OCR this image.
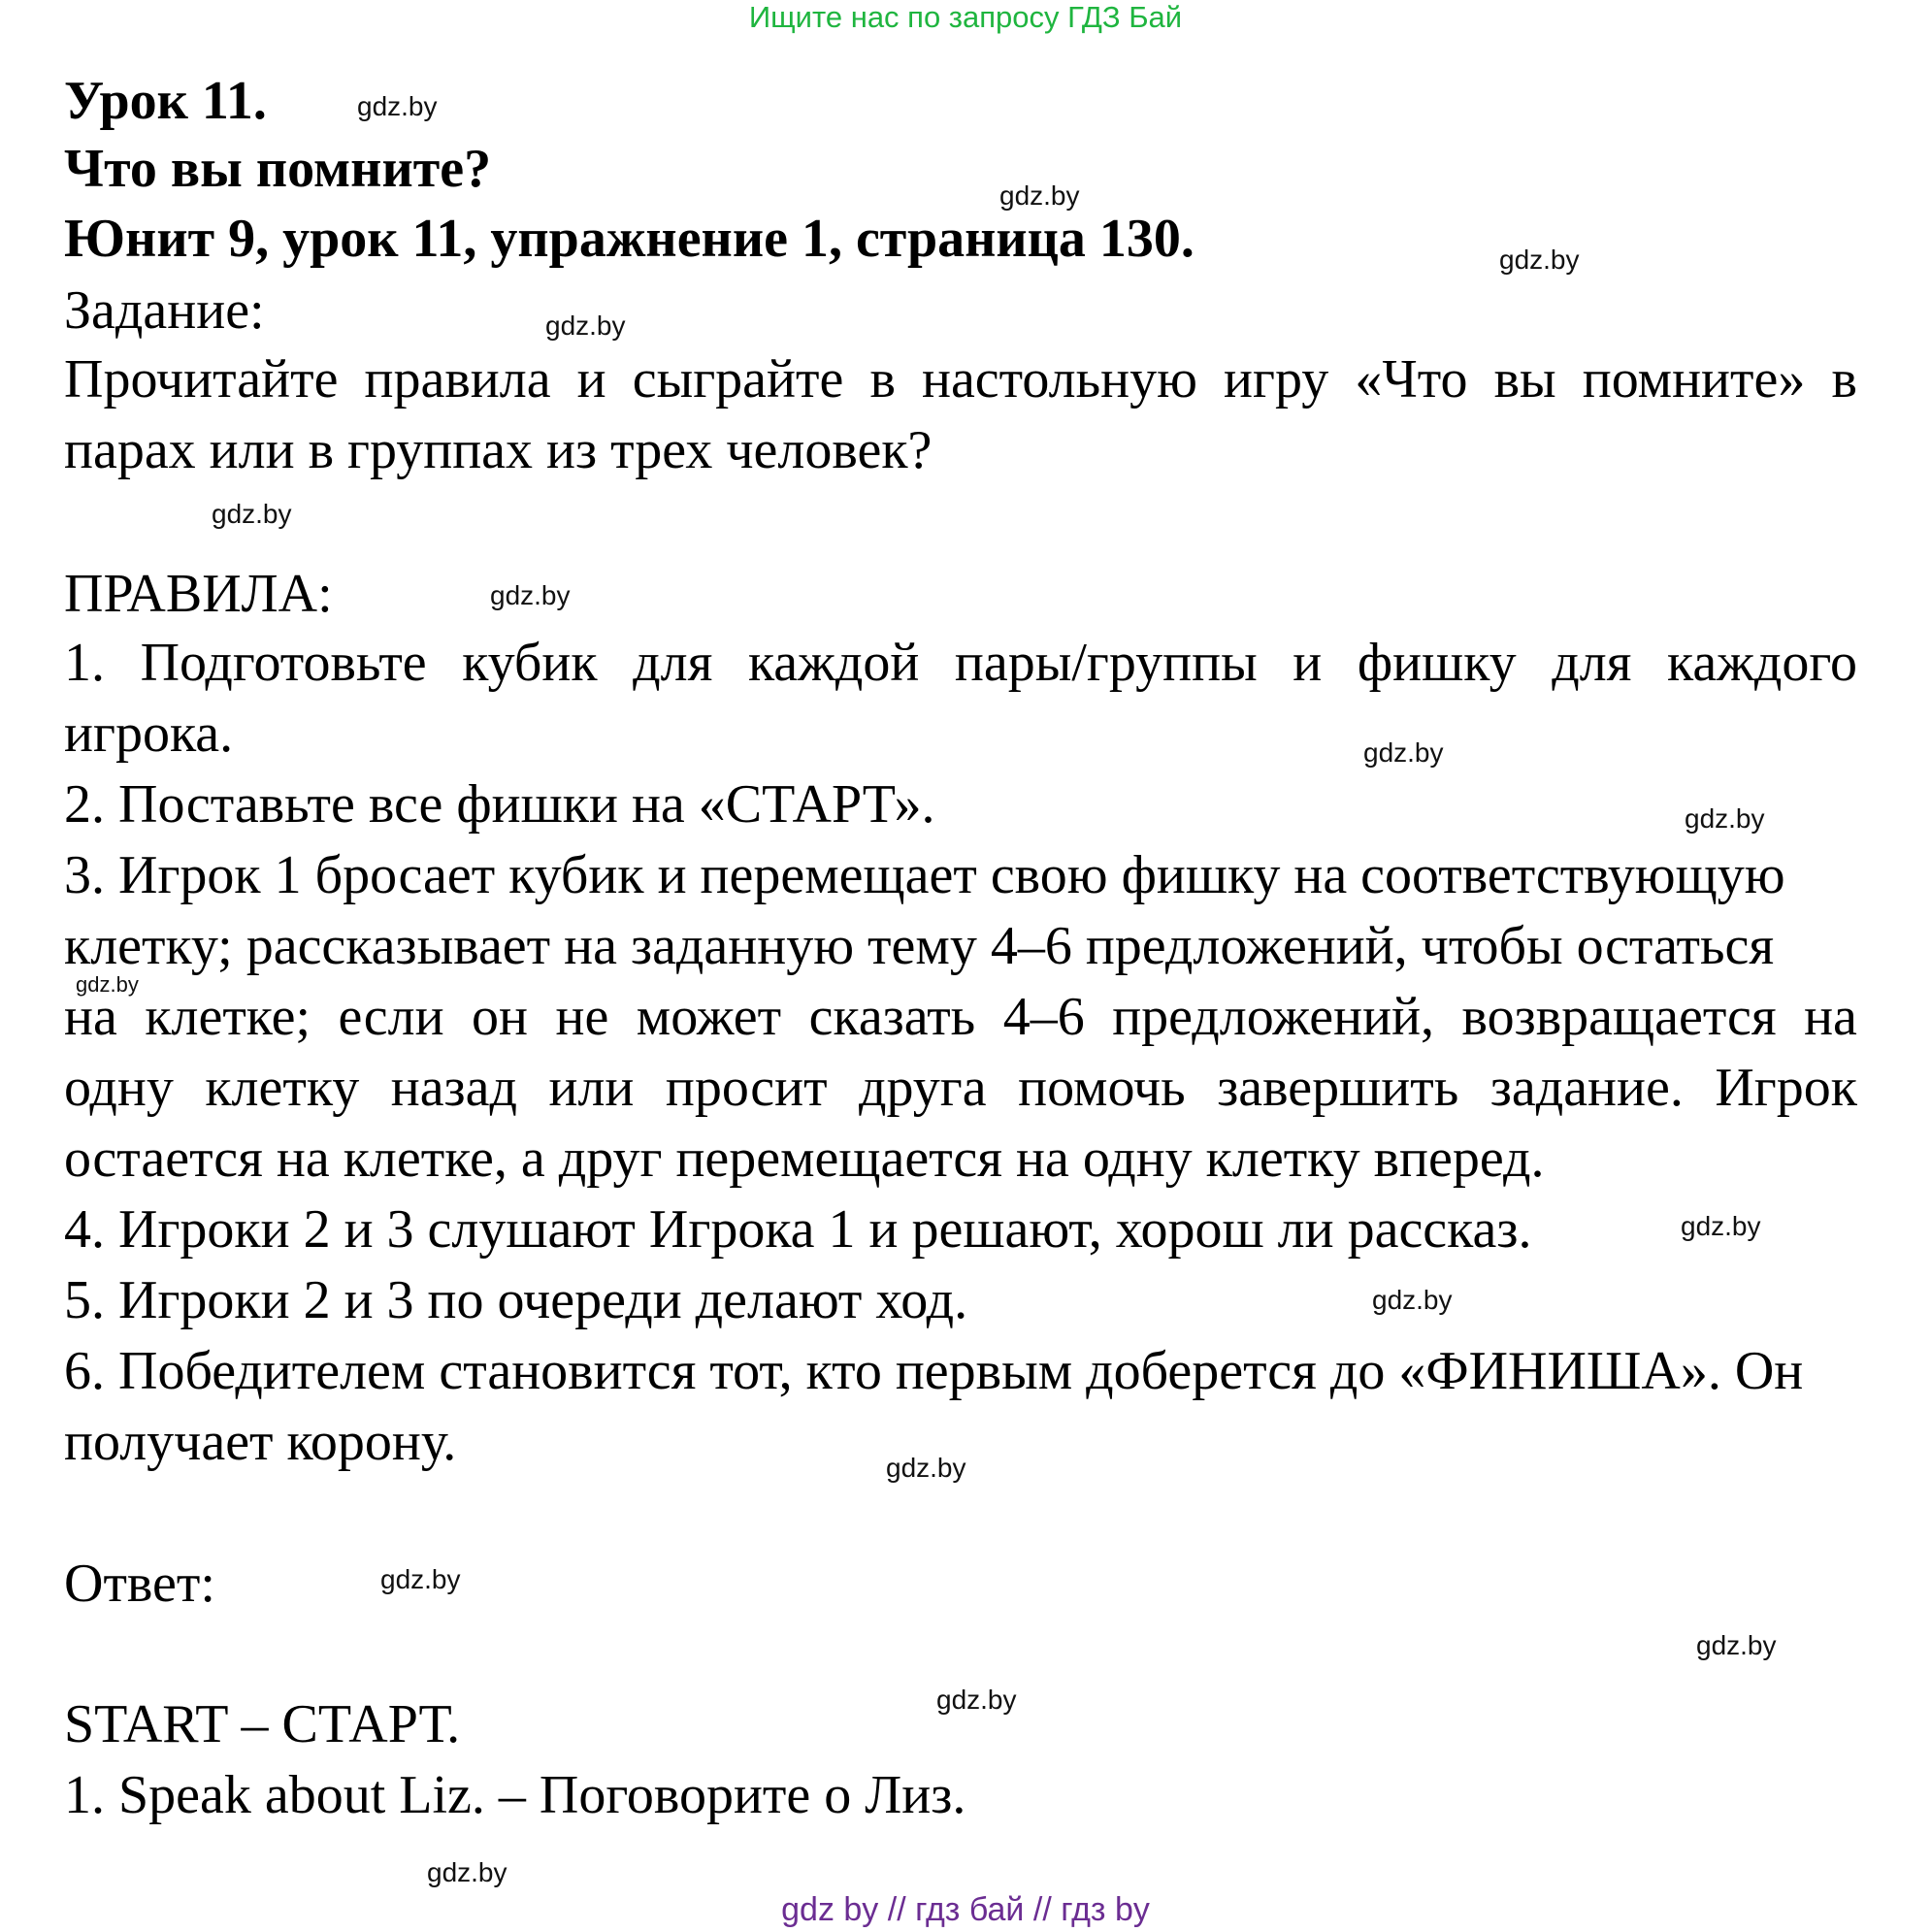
Ищите нас по запросу ГДЗ Бай
Урок 11.
Что вы помните?
Юнит 9, урок 11, упражнение 1, страница 130.
Задание:
Прочитайте правила и сыграйте в настольную игру «Что вы помните» в
парах или в группах из трех человек?
ПРАВИЛА:
1. Подготовьте кубик для каждой пары/группы и фишку для каждого
игрока.
2. Поставьте все фишки на «СТАРТ».
3. Игрок 1 бросает кубик и перемещает свою фишку на соответствующую
клетку; рассказывает на заданную тему 4–6 предложений, чтобы остаться
на клетке; если он не может сказать 4–6 предложений, возвращается на
одну клетку назад или просит друга помочь завершить задание. Игрок
остается на клетке, а друг перемещается на одну клетку вперед.
4. Игроки 2 и 3 слушают Игрока 1 и решают, хорош ли рассказ.
5. Игроки 2 и 3 по очереди делают ход.
6. Победителем становится тот, кто первым доберется до «ФИНИША». Он
получает корону.
Ответ:
START – СТАРТ.
1. Speak about Liz. – Поговорите о Лиз.
gdz.by
gdz.by
gdz.by
gdz.by
gdz.by
gdz.by
gdz.by
gdz.by
gdz.by
gdz.by
gdz.by
gdz.by
gdz.by
gdz.by
gdz.by
gdz.by
gdz by // гдз бай // гдз by
